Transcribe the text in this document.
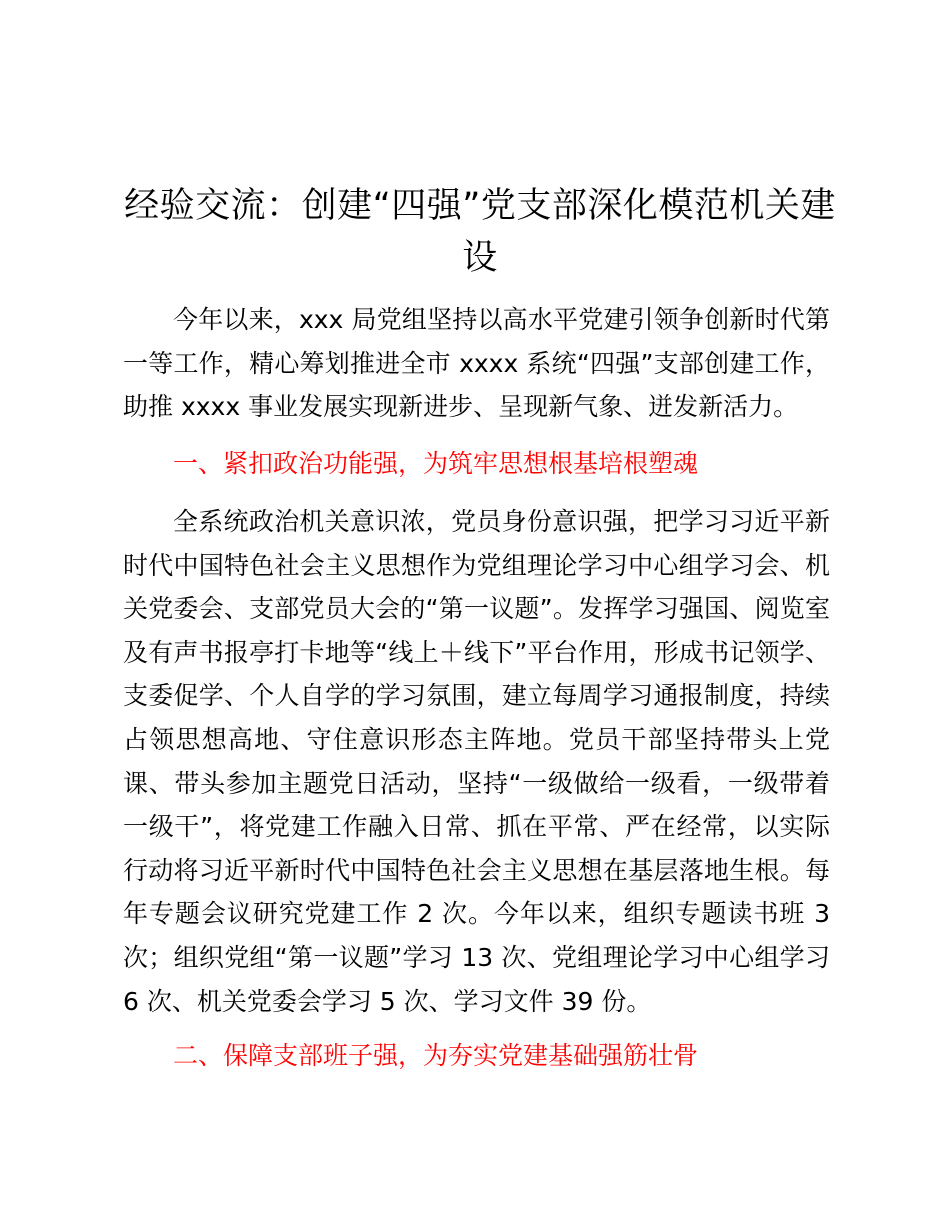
经验交流：创建“四强”党支部深化模范机关建设

今年以来，xxx 局党组坚持以高水平党建引领争创新时代第一等工作，精心筹划推进全市 xxxx 系统“四强”支部创建工作，助推 xxxx 事业发展实现新进步、呈现新气象、迸发新活力。

一、紧扣政治功能强，为筑牢思想根基培根塑魂

全系统政治机关意识浓，党员身份意识强，把学习习近平新时代中国特色社会主义思想作为党组理论学习中心组学习会、机关党委会、支部党员大会的“第一议题”。发挥学习强国、阅览室及有声书报亭打卡地等“线上＋线下”平台作用，形成书记领学、支委促学、个人自学的学习氛围，建立每周学习通报制度，持续占领思想高地、守住意识形态主阵地。党员干部坚持带头上党课、带头参加主题党日活动，坚持“一级做给一级看，一级带着一级干”，将党建工作融入日常、抓在平常、严在经常，以实际行动将习近平新时代中国特色社会主义思想在基层落地生根。每年专题会议研究党建工作 2 次。今年以来，组织专题读书班 3 次；组织党组“第一议题”学习 13 次、党组理论学习中心组学习 6 次、机关党委会学习 5 次、学习文件 39 份。

二、保障支部班子强，为夯实党建基础强筋壮骨
